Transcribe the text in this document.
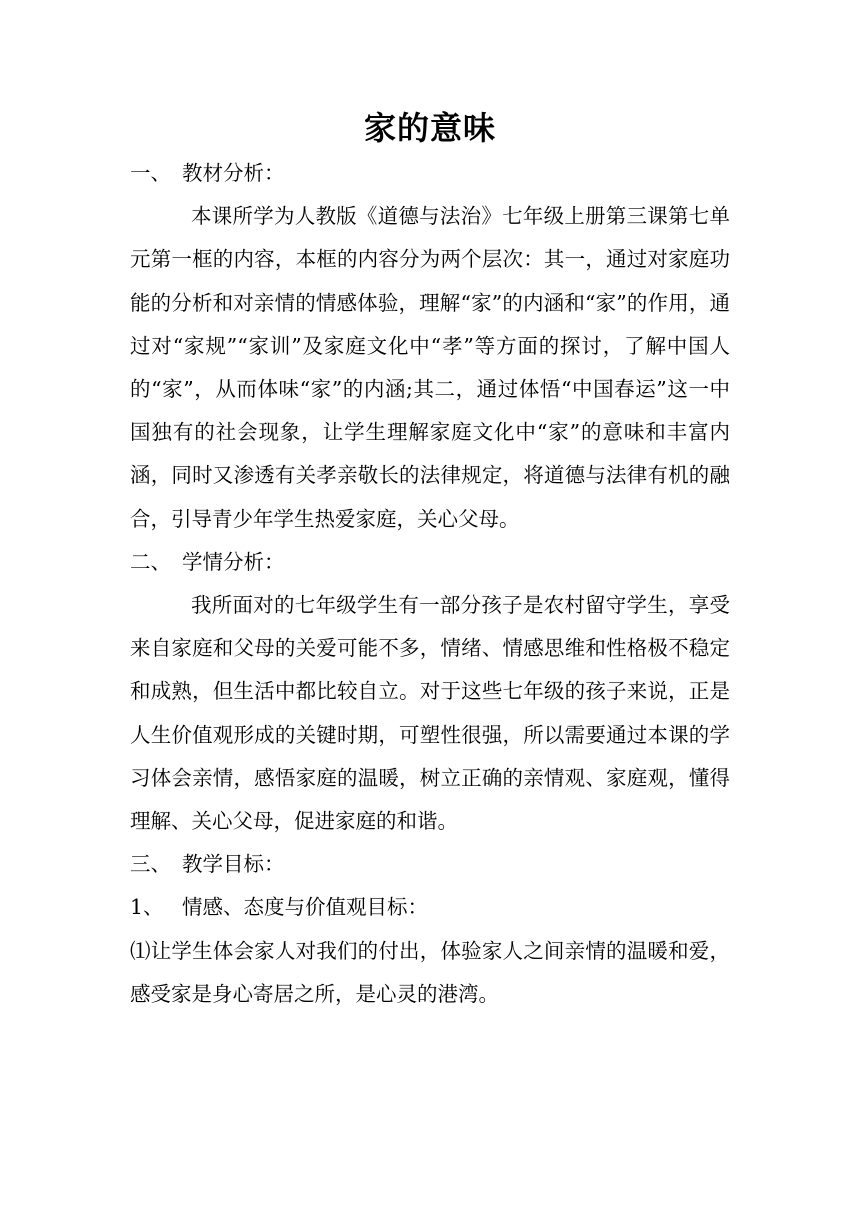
家的意味
一、 教材分析：

本课所学为人教版《道德与法治》七年级上册第三课第七单元第一框的内容，本框的内容分为两个层次：其一，通过对家庭功能的分析和对亲情的情感体验，理解“家”的内涵和“家”的作用，通过对“家规”“家训”及家庭文化中“孝”等方面的探讨，了解中国人的“家”，从而体味“家”的内涵;其二，通过体悟“中国春运”这一中国独有的社会现象，让学生理解家庭文化中“家”的意味和丰富内涵，同时又渗透有关孝亲敬长的法律规定，将道德与法律有机的融合，引导青少年学生热爱家庭，关心父母。

二、 学情分析：

我所面对的七年级学生有一部分孩子是农村留守学生，享受来自家庭和父母的关爱可能不多，情绪、情感思维和性格极不稳定和成熟，但生活中都比较自立。对于这些七年级的孩子来说，正是人生价值观形成的关键时期，可塑性很强，所以需要通过本课的学习体会亲情，感悟家庭的温暖，树立正确的亲情观、家庭观，懂得理解、关心父母，促进家庭的和谐。

三、 教学目标：
1、 情感、态度与价值观目标：

⑴让学生体会家人对我们的付出，体验家人之间亲情的温暖和爱，感受家是身心寄居之所，是心灵的港湾。
